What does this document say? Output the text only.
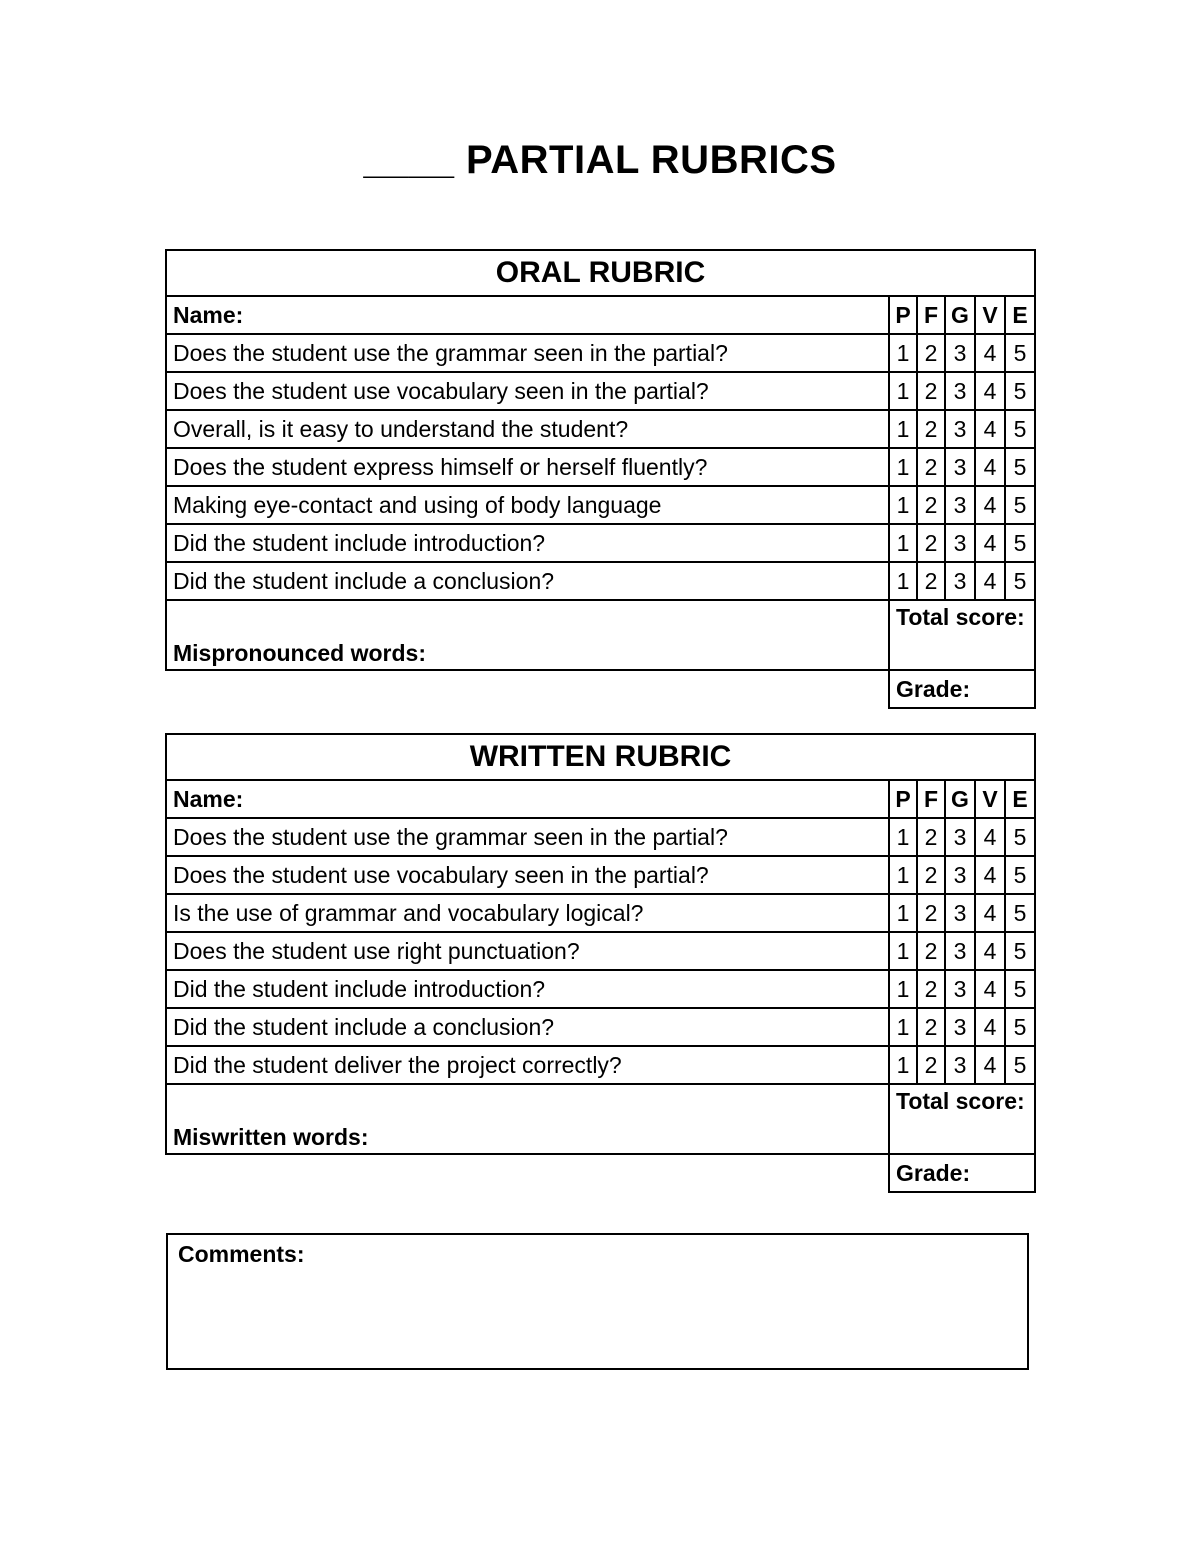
____ PARTIAL RUBRICS
ORAL RUBRIC					
Name:	P	F	G	V	E
Does the student use the grammar seen in the partial?	1	2	3	4	5
Does the student use vocabulary seen in the partial?	1	2	3	4	5
Overall, is it easy to understand the student?	1	2	3	4	5
Does the student express himself or herself fluently?	1	2	3	4	5
Making eye-contact and using of body language	1	2	3	4	5
Did the student include introduction?	1	2	3	4	5
Did the student include a conclusion?	1	2	3	4	5
Mispronounced words:	Total score:				
	Grade:				
WRITTEN RUBRIC					
Name:	P	F	G	V	E
Does the student use the grammar seen in the partial?	1	2	3	4	5
Does the student use vocabulary seen in the partial?	1	2	3	4	5
Is the use of grammar and vocabulary logical?	1	2	3	4	5
Does the student use right punctuation?	1	2	3	4	5
Did the student include introduction?	1	2	3	4	5
Did the student include a conclusion?	1	2	3	4	5
Did the student deliver the project correctly?	1	2	3	4	5
Miswritten words:	Total score:				
	Grade:				
Comments:
